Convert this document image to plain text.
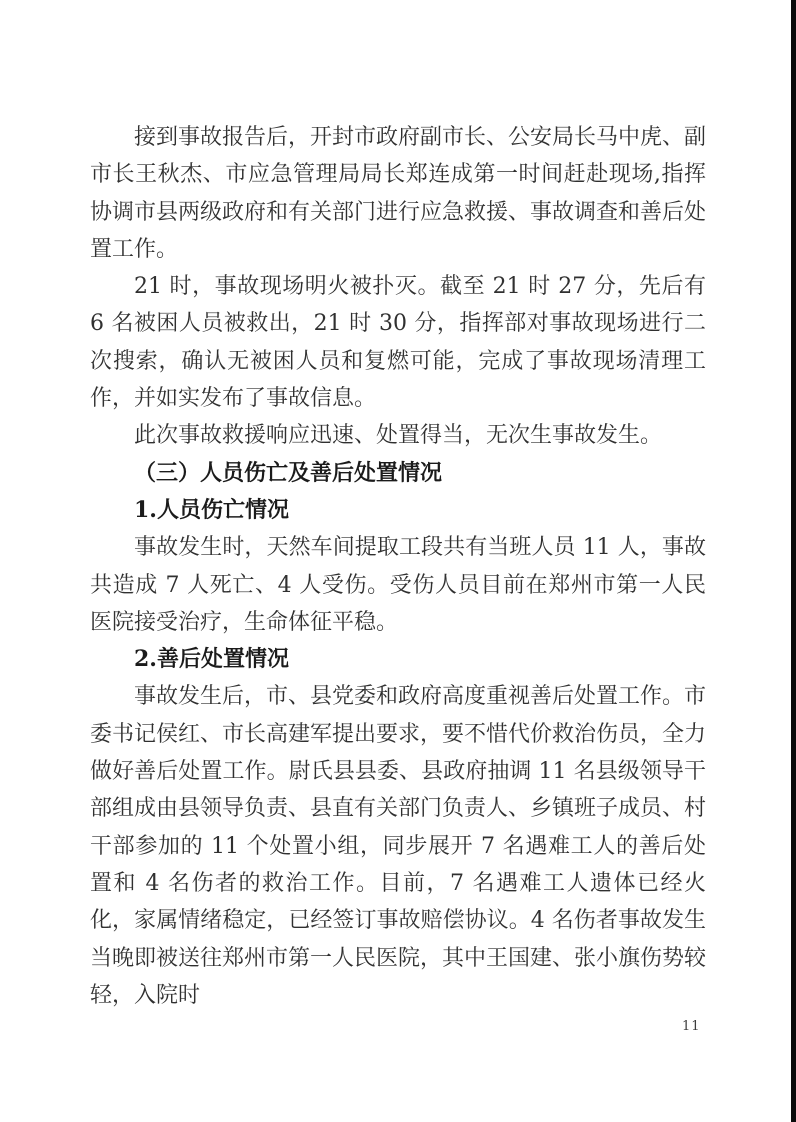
接到事故报告后，开封市政府副市长、公安局长马中虎、副市长王秋杰、市应急管理局局长郑连成第一时间赶赴现场,指挥协调市县两级政府和有关部门进行应急救援、事故调查和善后处置工作。

21 时，事故现场明火被扑灭。截至 21 时 27 分，先后有 6 名被困人员被救出，21 时 30 分，指挥部对事故现场进行二次搜索，确认无被困人员和复燃可能，完成了事故现场清理工作，并如实发布了事故信息。

此次事故救援响应迅速、处置得当，无次生事故发生。

（三）人员伤亡及善后处置情况

1.人员伤亡情况

事故发生时，天然车间提取工段共有当班人员 11 人，事故共造成 7 人死亡、4 人受伤。受伤人员目前在郑州市第一人民医院接受治疗，生命体征平稳。

2.善后处置情况

事故发生后，市、县党委和政府高度重视善后处置工作。市委书记侯红、市长高建军提出要求，要不惜代价救治伤员，全力做好善后处置工作。尉氏县县委、县政府抽调 11 名县级领导干部组成由县领导负责、县直有关部门负责人、乡镇班子成员、村干部参加的 11 个处置小组，同步展开 7 名遇难工人的善后处置和 4 名伤者的救治工作。目前，7 名遇难工人遗体已经火化，家属情绪稳定，已经签订事故赔偿协议。4 名伤者事故发生当晚即被送往郑州市第一人民医院，其中王国建、张小旗伤势较轻，入院时

11
